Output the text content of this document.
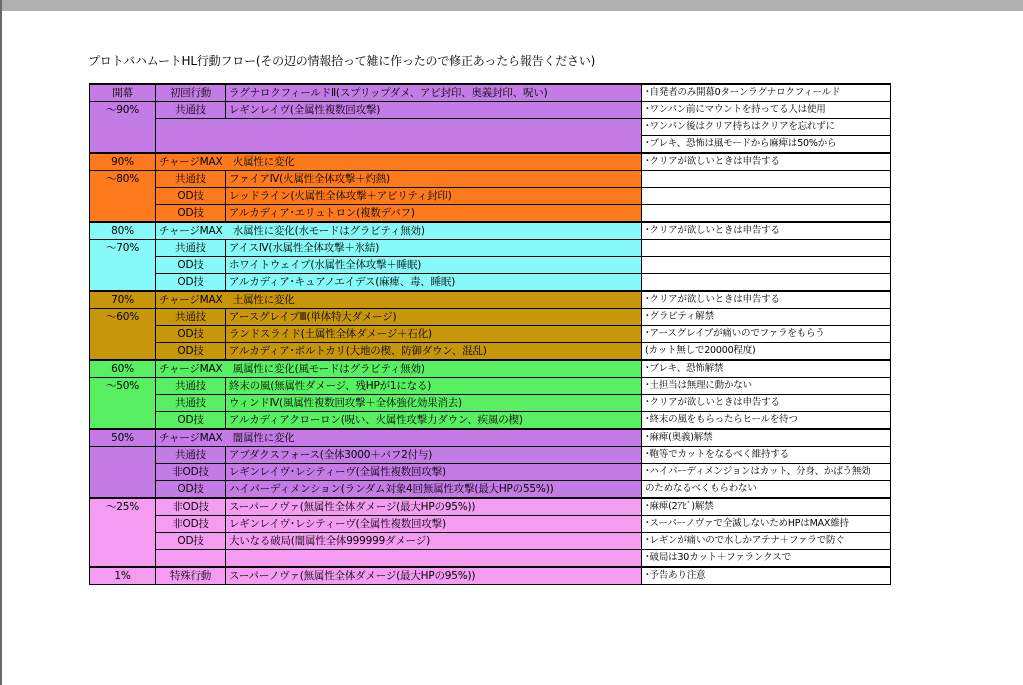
プロトバハムートHL行動フロー(その辺の情報拾って雑に作ったので修正あったら報告ください)
開幕	初回行動	ラグナロクフィールドⅡ(スプリップダメ、アビ封印、奥義封印、呪い)	･自発者のみ開幕0ターンラグナロクフィールド
～90%	共通技	レギンレイヴ(全属性複数回攻撃)	･ワンパン前にマウントを持ってる人は使用
			･ワンパン後はクリア持ちはクリアを忘れずに
			･ブレキ、恐怖は風モードから麻痺は50%から
90%	チャージMAX　火属性に変化		･クリアが欲しいときは申告する
～80%	共通技	ファイアⅣ(火属性全体攻撃＋灼熱)	
	OD技	レッドライン(火属性全体攻撃＋アビリティ封印)	
	OD技	アルカディア･エリュトロン(複数デバフ)	
80%	チャージMAX　水属性に変化(水モードはグラビティ無効)		･クリアが欲しいときは申告する
～70%	共通技	アイスⅣ(水属性全体攻撃＋氷結)	
	OD技	ホワイトウェイブ(水属性全体攻撃＋睡眠)	
	OD技	アルカディア･キュアノエイデス(麻痺、毒、睡眠)	
70%	チャージMAX　土属性に変化		･クリアが欲しいときは申告する
～60%	共通技	アースグレイブⅢ(単体特大ダメージ)	･グラビティ解禁
	OD技	ランドスライド(土属性全体ダメージ＋石化)	･アースグレイブが痛いのでファラをもらう
	OD技	アルカディア･ボルトカリ(大地の楔、防御ダウン、混乱)	(カット無しで20000程度)
60%	チャージMAX　風属性に変化(風モードはグラビティ無効)		･ブレキ、恐怖解禁
～50%	共通技	終末の風(無属性ダメージ、残HPが1になる)	･土担当は無理に動かない
	共通技	ウィンドⅣ(風属性複数回攻撃＋全体強化効果消去)	･クリアが欲しいときは申告する
	OD技	アルカディアクローロン(呪い、火属性攻撃力ダウン、疾風の楔)	･終末の風をもらったらヒールを待つ
50%	チャージMAX　闇属性に変化		･麻痺(奥義)解禁
	共通技	アブダクスフォース(全体3000＋バフ2付与)	･鞄等でカットをなるべく維持する
	非OD技	レギンレイヴ･レシティーヴ(全属性複数回攻撃)	･ハイパーディメンジョンはカット、分身、かばう無効
	OD技	ハイパーディメンション(ランダム対象4回無属性攻撃(最大HPの55%))	のためなるべくもらわない
～25%	非OD技	スーパーノヴァ(無属性全体ダメージ(最大HPの95%))	･麻痺(2ｱﾋﾞ)解禁
	非OD技	レギンレイヴ･レシティーヴ(全属性複数回攻撃)	･スーパーノヴァで全滅しないためHPはMAX維持
	OD技	大いなる破局(闇属性全体999999ダメージ)	･レギンが痛いので水しかアテナ＋ファラで防ぐ
			･破局は30カット＋ファランクスで
1%	特殊行動	スーパーノヴァ(無属性全体ダメージ(最大HPの95%))	･予告あり注意
